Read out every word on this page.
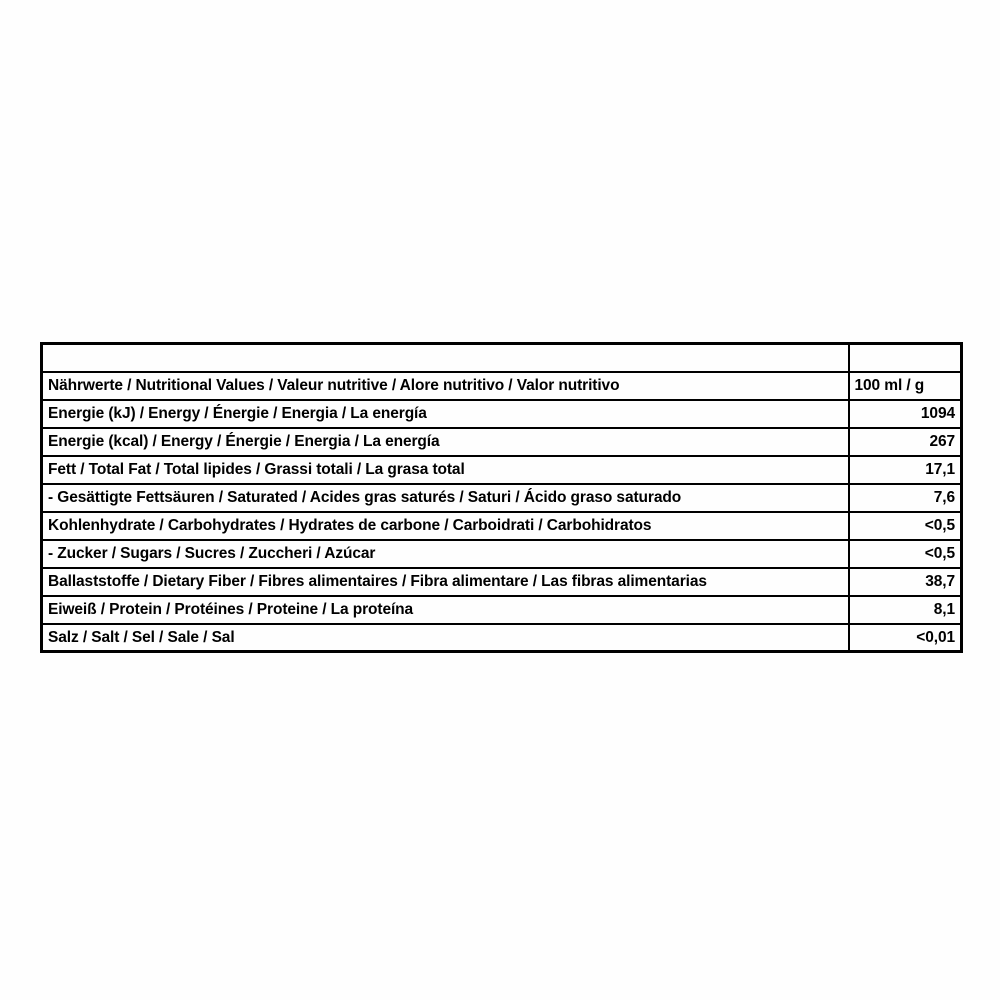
Nährwerte / Nutritional Values / Valeur nutritive / Alore nutritivo / Valor nutritivo	100 ml / g
Energie (kJ) / Energy / Énergie / Energia / La energía	1094
Energie (kcal) / Energy / Énergie / Energia / La energía	267
Fett / Total Fat / Total lipides / Grassi totali / La grasa total	17,1
- Gesättigte Fettsäuren / Saturated / Acides gras saturés / Saturi / Ácido graso saturado	7,6
Kohlenhydrate / Carbohydrates / Hydrates de carbone / Carboidrati / Carbohidratos	<0,5
- Zucker / Sugars / Sucres / Zuccheri / Azúcar	<0,5
Ballaststoffe / Dietary Fiber / Fibres alimentaires / Fibra alimentare / Las fibras alimentarias	38,7
Eiweiß / Protein / Protéines / Proteine / La proteína	8,1
Salz / Salt / Sel / Sale / Sal	<0,01
